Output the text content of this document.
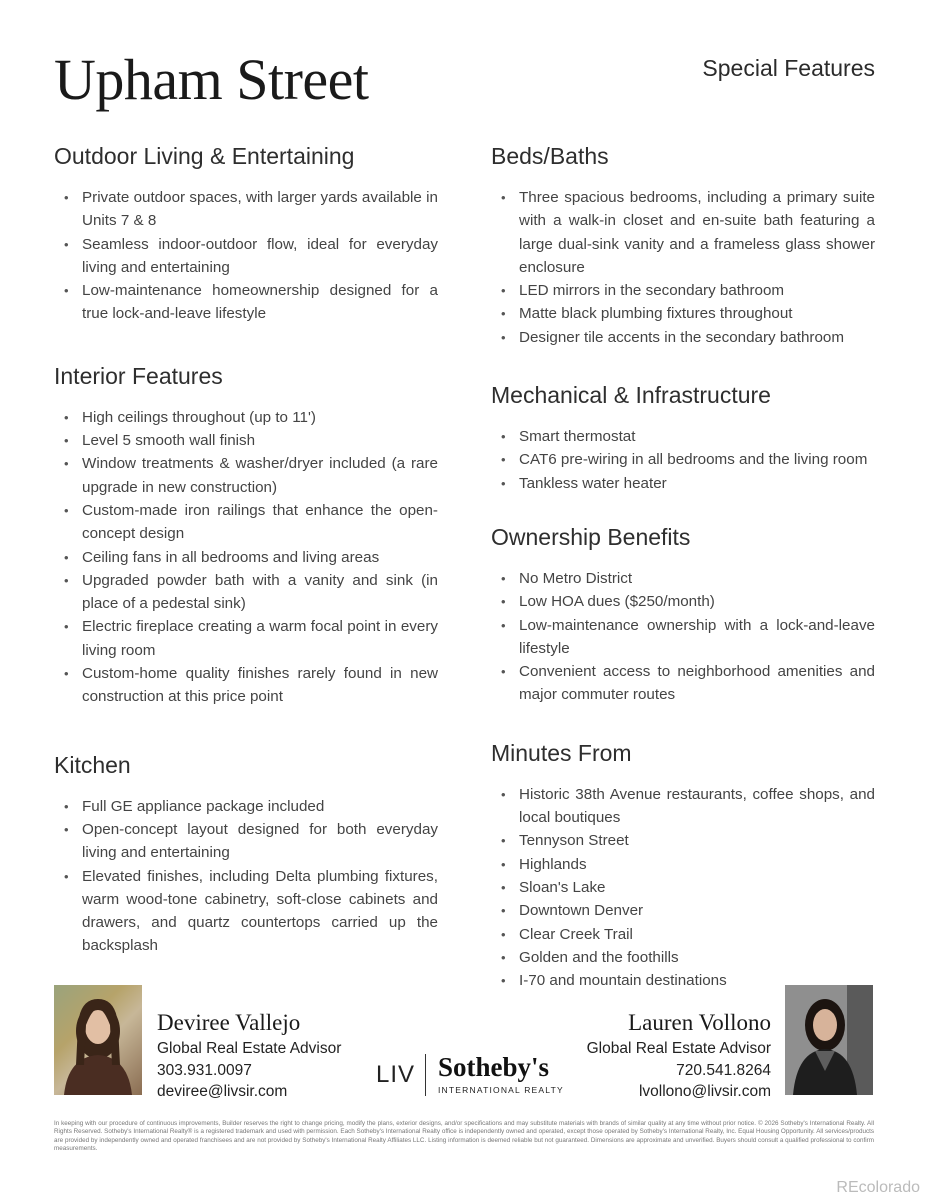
Upham Street	Special Features
Outdoor Living & Entertaining
• Private outdoor spaces, with larger yards available in Units 7 & 8
• Seamless indoor-outdoor flow, ideal for everyday living and entertaining
• Low-maintenance homeownership designed for a true lock-and-leave lifestyle
Interior Features
• High ceilings throughout (up to 11')
• Level 5 smooth wall finish
• Window treatments & washer/dryer included (a rare upgrade in new construction)
• Custom-made iron railings that enhance the open-concept design
• Ceiling fans in all bedrooms and living areas
• Upgraded powder bath with a vanity and sink (in place of a pedestal sink)
• Electric fireplace creating a warm focal point in every living room
• Custom-home quality finishes rarely found in new construction at this price point
Kitchen
• Full GE appliance package included
• Open-concept layout designed for both everyday living and entertaining
• Elevated finishes, including Delta plumbing fixtures, warm wood-tone cabinetry, soft-close cabinets and drawers, and quartz countertops carried up the backsplash
Beds/Baths
• Three spacious bedrooms, including a primary suite with a walk-in closet and en-suite bath featuring a large dual-sink vanity and a frameless glass shower enclosure
• LED mirrors in the secondary bathroom
• Matte black plumbing fixtures throughout
• Designer tile accents in the secondary bathroom
Mechanical & Infrastructure
• Smart thermostat
• CAT6 pre-wiring in all bedrooms and the living room
• Tankless water heater
Ownership Benefits
• No Metro District
• Low HOA dues ($250/month)
• Low-maintenance ownership with a lock-and-leave lifestyle
• Convenient access to neighborhood amenities and major commuter routes
Minutes From
• Historic 38th Avenue restaurants, coffee shops, and local boutiques
• Tennyson Street
• Highlands
• Sloan's Lake
• Downtown Denver
• Clear Creek Trail
• Golden and the foothills
• I-70 and mountain destinations
Deviree Vallejo
Global Real Estate Advisor
303.931.0097
deviree@livsir.com
Lauren Vollono
Global Real Estate Advisor
720.541.8264
lvollono@livsir.com
LIV Sotheby's
INTERNATIONAL REALTY
In keeping with our procedure of continuous improvements, Builder reserves the right to change pricing, modify the plans, exterior designs, and/or specifications and may substitute materials with brands of similar quality at any time without prior notice. © 2026 Sotheby's International Realty. All Rights Reserved. Sotheby's International Realty® is a registered trademark and used with permission. Each Sotheby's International Realty office is independently owned and operated, except those operated by Sotheby's International Realty, Inc. Equal Housing Opportunity. All services/products are provided by independently owned and operated franchisees and are not provided by Sotheby's International Realty Affiliates LLC. Listing information is deemed reliable but not guaranteed. Dimensions are approximate and unverified. Buyers should consult a qualified professional to confirm measurements.
REcolorado
